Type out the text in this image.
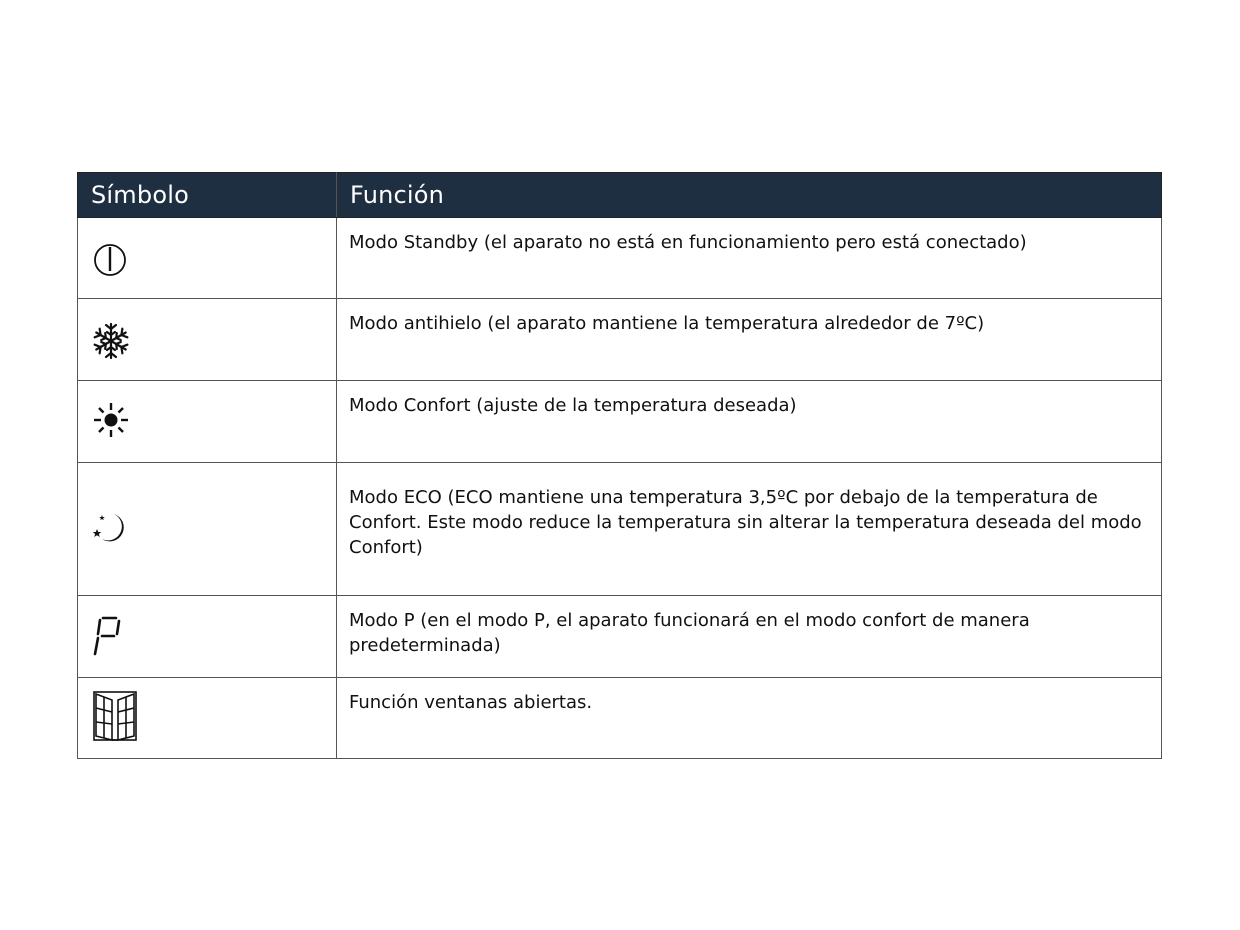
Símbolo	Función

	Modo Standby (el aparato no está en funcionamiento pero está conectado)

	Modo antihielo (el aparato mantiene la temperatura alrededor de 7ºC)

	Modo Confort (ajuste de la temperatura deseada)

	Modo ECO (ECO mantiene una temperatura 3,5ºC por debajo de la temperatura de Confort. Este modo reduce la temperatura sin alterar la temperatura deseada del modo Confort)

	Modo P (en el modo P, el aparato funcionará en el modo confort de manera predeterminada)

	Función ventanas abiertas.
